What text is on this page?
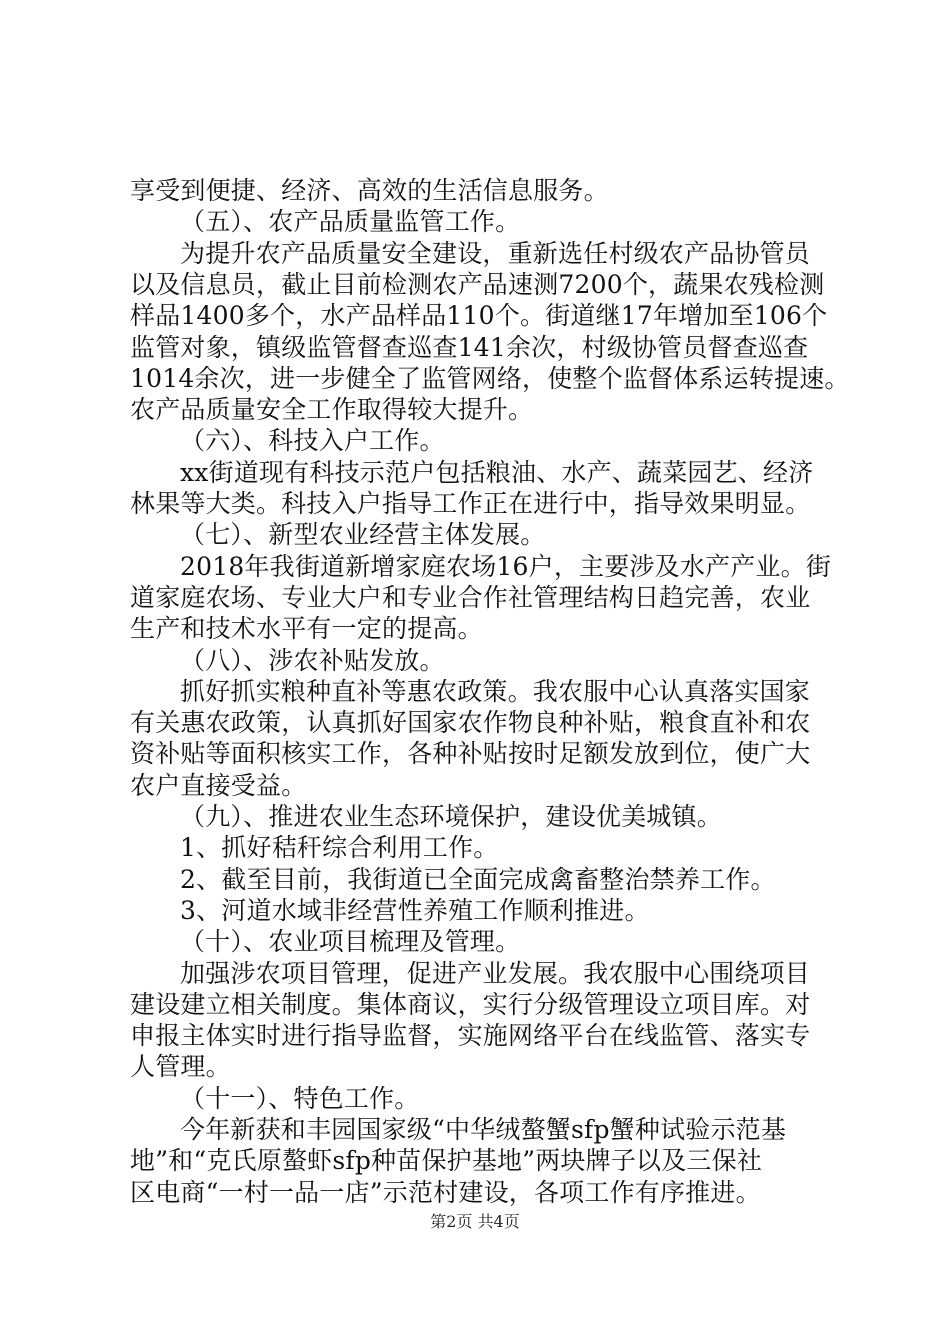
享受到便捷、经济、高效的生活信息服务。
（五）、农产品质量监管工作。
为提升农产品质量安全建设，重新选任村级农产品协管员
以及信息员，截止目前检测农产品速测7200个，蔬果农残检测
样品1400多个，水产品样品110个。街道继17年增加至106个
监管对象，镇级监管督查巡查141余次，村级协管员督查巡查
1014余次，进一步健全了监管网络，使整个监督体系运转提速。
农产品质量安全工作取得较大提升。
（六）、科技入户工作。
xx街道现有科技示范户包括粮油、水产、蔬菜园艺、经济
林果等大类。科技入户指导工作正在进行中，指导效果明显。
（七）、新型农业经营主体发展。
2018年我街道新增家庭农场16户，主要涉及水产产业。街
道家庭农场、专业大户和专业合作社管理结构日趋完善，农业
生产和技术水平有一定的提高。
（八）、涉农补贴发放。
抓好抓实粮种直补等惠农政策。我农服中心认真落实国家
有关惠农政策，认真抓好国家农作物良种补贴，粮食直补和农
资补贴等面积核实工作，各种补贴按时足额发放到位，使广大
农户直接受益。
（九）、推进农业生态环境保护，建设优美城镇。
1、抓好秸秆综合利用工作。
2、截至目前，我街道已全面完成禽畜整治禁养工作。
3、河道水域非经营性养殖工作顺利推进。
（十）、农业项目梳理及管理。
加强涉农项目管理，促进产业发展。我农服中心围绕项目
建设建立相关制度。集体商议，实行分级管理设立项目库。对
申报主体实时进行指导监督，实施网络平台在线监管、落实专
人管理。
（十一）、特色工作。
今年新获和丰园国家级“中华绒螯蟹sfp蟹种试验示范基
地”和“克氏原螯虾sfp种苗保护基地”两块牌子以及三保社
第2页 共4页
区电商“一村一品一店”示范村建设，各项工作有序推进。
